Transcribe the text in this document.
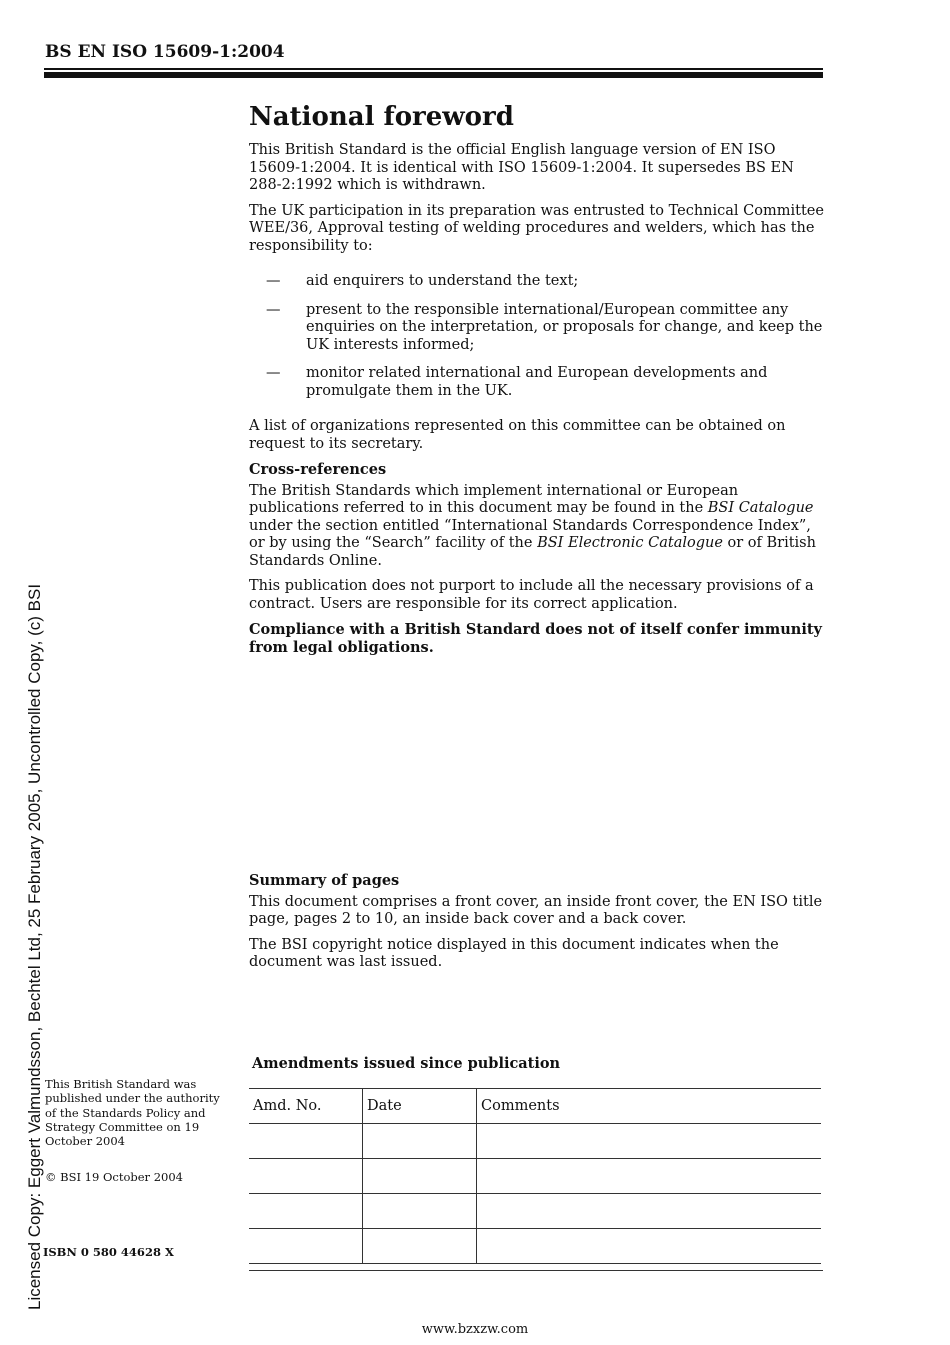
BS EN ISO 15609-1:2004
National foreword

This British Standard is the official English language version of EN ISO 15609-1:2004. It is identical with ISO 15609-1:2004. It supersedes BS EN 288-2:1992 which is withdrawn.

The UK participation in its preparation was entrusted to Technical Committee WEE/36, Approval testing of welding procedures and welders, which has the responsibility to:

— aid enquirers to understand the text;
— present to the responsible international/European committee any enquiries on the interpretation, or proposals for change, and keep the UK interests informed;
— monitor related international and European developments and promulgate them in the UK.

A list of organizations represented on this committee can be obtained on request to its secretary.

Cross-references

The British Standards which implement international or European publications referred to in this document may be found in the BSI Catalogue under the section entitled “International Standards Correspondence Index”, or by using the “Search” facility of the BSI Electronic Catalogue or of British Standards Online.

This publication does not purport to include all the necessary provisions of a contract. Users are responsible for its correct application.

Compliance with a British Standard does not of itself confer immunity from legal obligations.

Summary of pages

This document comprises a front cover, an inside front cover, the EN ISO title page, pages 2 to 10, an inside back cover and a back cover.

The BSI copyright notice displayed in this document indicates when the document was last issued.

This British Standard was published under the authority of the Standards Policy and Strategy Committee on 19 October 2004

© BSI 19 October 2004

ISBN 0 580 44628 X
Amendments issued since publication
Amd. No.	Date	Comments

www.bzxzw.com
Licensed Copy: Eggert Valmundsson, Bechtel Ltd, 25 February 2005, Uncontrolled Copy, (c) BSI
